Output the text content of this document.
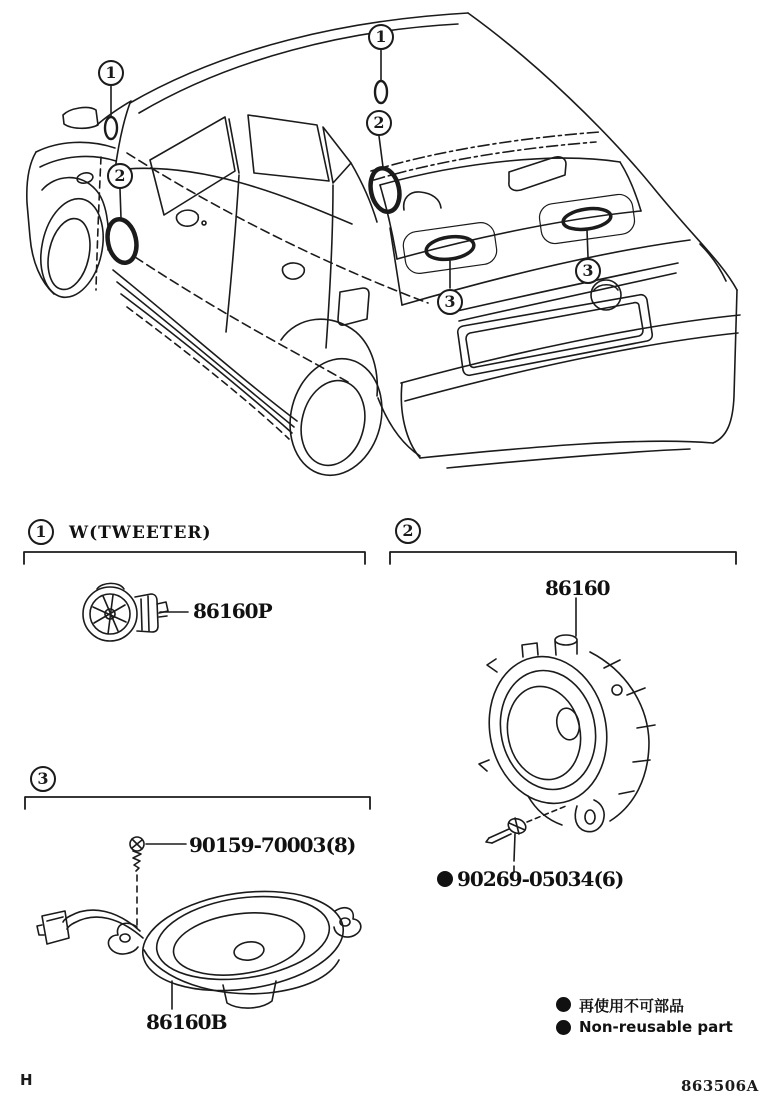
1
2
1
2
3
3
1 W(TWEETER)	2
3
86160P
86160
90159-70003(8)
90269-05034(6)
86160B
再使用不可部品
Non-reusable part
H	863506A
